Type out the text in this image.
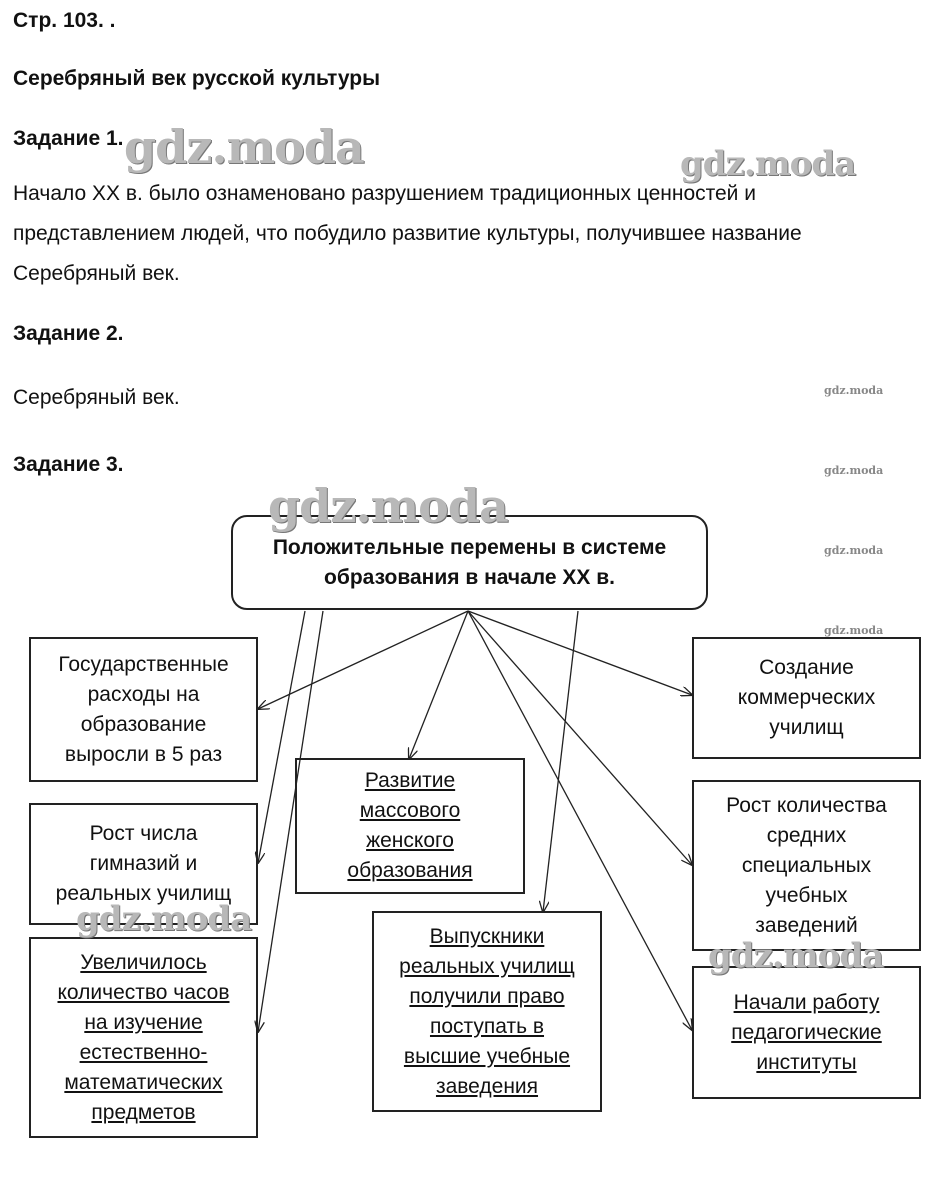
Стр. 103. .

Серебряный век русской культуры

Задание 1.

Начало XX в. было ознаменовано разрушением традиционных ценностей и

представлением людей, что побудило развитие культуры, получившее название

Серебряный век.

Задание 2.

Серебряный век.

Задание 3.

Положительные перемены в системе
образования в начале XX в.
Государственные
расходы на
образование
выросли в 5 раз
Рост числа
гимназий и
реальных училищ
Увеличилось
количество часов
на изучение
естественно-
математических
предметов
Развитие
массового
женского
образования
Выпускники
реальных училищ
получили право
поступать в
высшие учебные
заведения
Создание
коммерческих
училищ
Рост количества
средних
специальных
учебных
заведений
Начали работу
педагогические
институты
gdz.moda	gdz.moda
gdz.moda
gdz.moda
gdz.moda
gdz.moda
gdz.moda
gdz.moda
gdz.moda
